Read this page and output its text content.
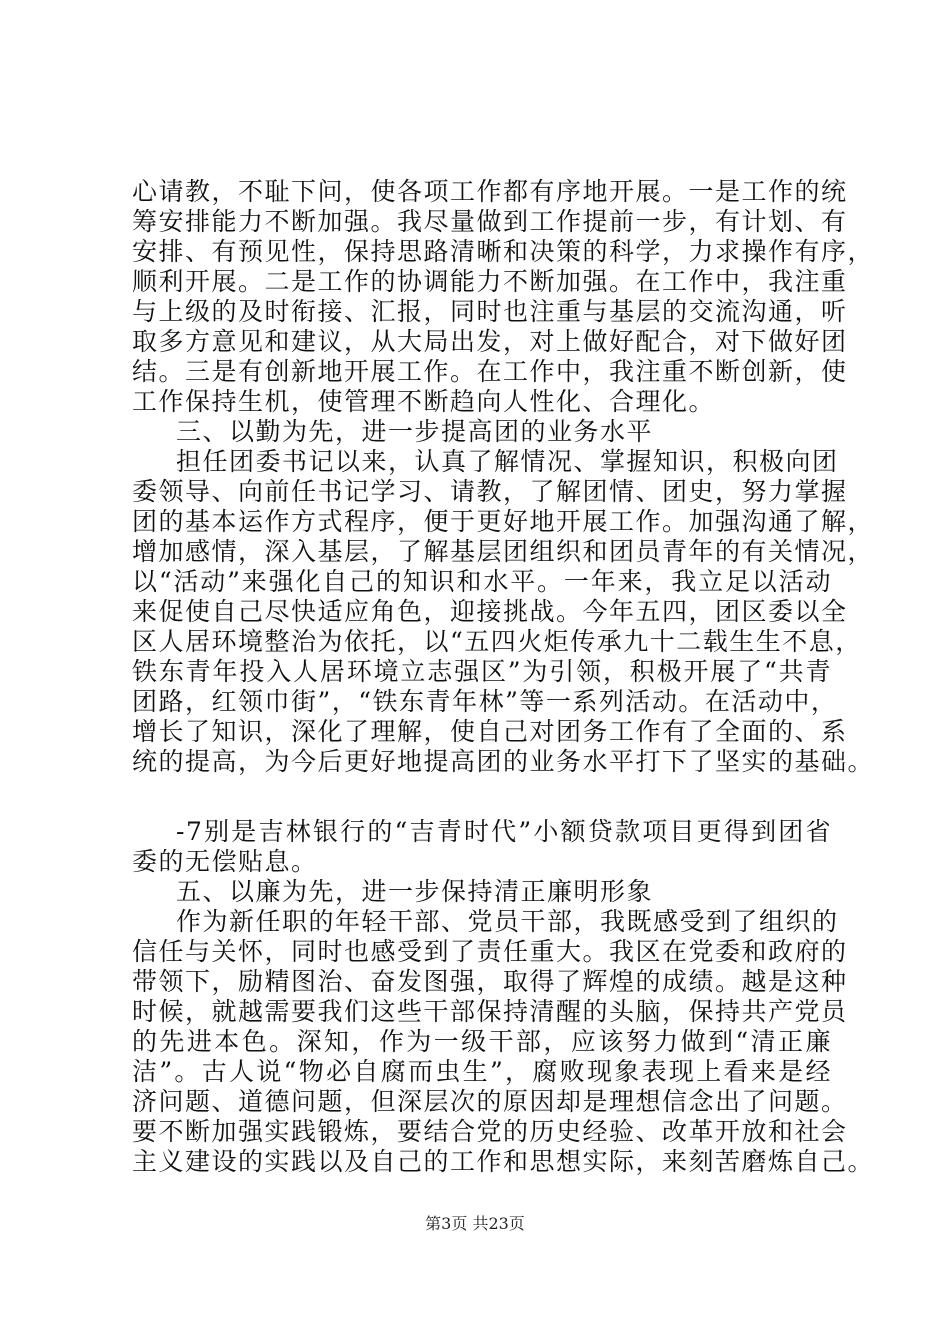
心请教，不耻下问，使各项工作都有序地开展。一是工作的统
筹安排能力不断加强。我尽量做到工作提前一步，有计划、有
安排、有预见性，保持思路清晰和决策的科学，力求操作有序，
顺利开展。二是工作的协调能力不断加强。在工作中，我注重
与上级的及时衔接、汇报，同时也注重与基层的交流沟通，听
取多方意见和建议，从大局出发，对上做好配合，对下做好团
结。三是有创新地开展工作。在工作中，我注重不断创新，使
工作保持生机，使管理不断趋向人性化、合理化。
三、以勤为先，进一步提高团的业务水平
担任团委书记以来，认真了解情况、掌握知识，积极向团
委领导、向前任书记学习、请教，了解团情、团史，努力掌握
团的基本运作方式程序，便于更好地开展工作。加强沟通了解，
增加感情，深入基层，了解基层团组织和团员青年的有关情况，
以“活动”来强化自己的知识和水平。一年来，我立足以活动
来促使自己尽快适应角色，迎接挑战。今年五四，团区委以全
区人居环境整治为依托，以“五四火炬传承九十二载生生不息，
铁东青年投入人居环境立志强区”为引领，积极开展了“共青
团路，红领巾街”，“铁东青年林”等一系列活动。在活动中，
增长了知识，深化了理解，使自己对团务工作有了全面的、系
统的提高，为今后更好地提高团的业务水平打下了坚实的基础。
-7别是吉林银行的“吉青时代”小额贷款项目更得到团省
委的无偿贴息。
五、以廉为先，进一步保持清正廉明形象
作为新任职的年轻干部、党员干部，我既感受到了组织的
信任与关怀，同时也感受到了责任重大。我区在党委和政府的
带领下，励精图治、奋发图强，取得了辉煌的成绩。越是这种
时候，就越需要我们这些干部保持清醒的头脑，保持共产党员
的先进本色。深知，作为一级干部，应该努力做到“清正廉
洁”。古人说“物必自腐而虫生”，腐败现象表现上看来是经
济问题、道德问题，但深层次的原因却是理想信念出了问题。
要不断加强实践锻炼，要结合党的历史经验、改革开放和社会
主义建设的实践以及自己的工作和思想实际，来刻苦磨炼自己。
第3页 共23页
